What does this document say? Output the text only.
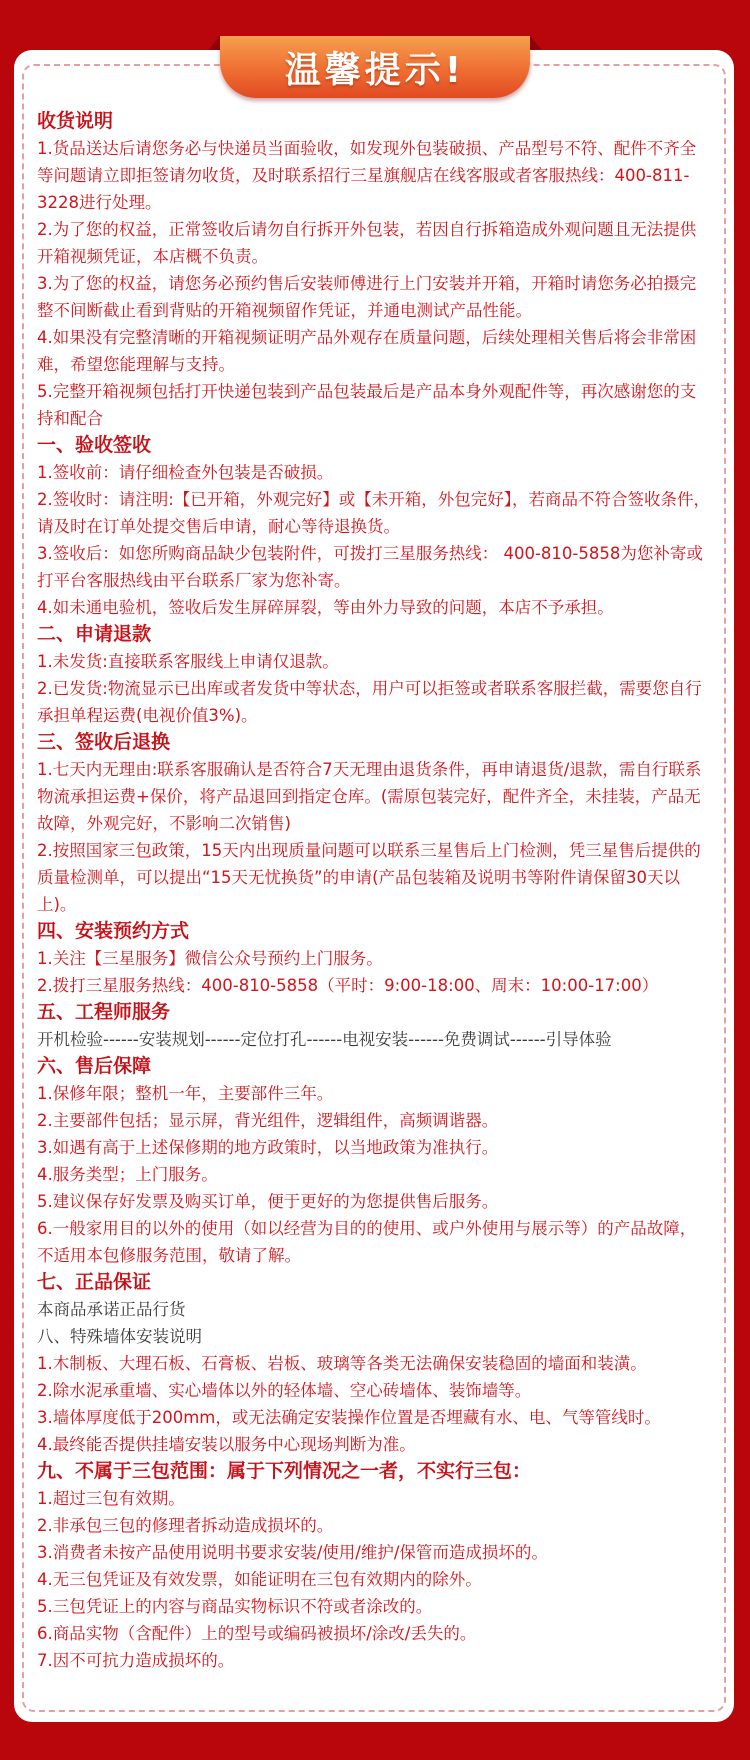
温馨提示!
收货说明
1.货品送达后请您务必与快递员当面验收，如发现外包装破损、产品型号不符、配件不齐全等问题请立即拒签请勿收货，及时联系招行三星旗舰店在线客服或者客服热线：400-811-3228进行处理。
2.为了您的权益，正常签收后请勿自行拆开外包装，若因自行拆箱造成外观问题且无法提供开箱视频凭证，本店概不负责。
3.为了您的权益，请您务必预约售后安装师傅进行上门安装并开箱，开箱时请您务必拍摄完整不间断截止看到背贴的开箱视频留作凭证，并通电测试产品性能。
4.如果没有完整清晰的开箱视频证明产品外观存在质量问题，后续处理相关售后将会非常困难，希望您能理解与支持。
5.完整开箱视频包括打开快递包装到产品包装最后是产品本身外观配件等，再次感谢您的支持和配合
一、验收签收
1.签收前：请仔细检查外包装是否破损。
2.签收时：请注明:【已开箱，外观完好】或【未开箱，外包完好】，若商品不符合签收条件，请及时在订单处提交售后申请，耐心等待退换货。
3.签收后：如您所购商品缺少包装附件，可拨打三星服务热线： 400-810-5858为您补寄或打平台客服热线由平台联系厂家为您补寄。
4.如未通电验机，签收后发生屏碎屏裂，等由外力导致的问题，本店不予承担。
二、申请退款
1.未发货:直接联系客服线上申请仅退款。
2.已发货:物流显示已出库或者发货中等状态，用户可以拒签或者联系客服拦截，需要您自行承担单程运费(电视价值3%)。
三、签收后退换
1.七天内无理由:联系客服确认是否符合7天无理由退货条件，再申请退货/退款，需自行联系物流承担运费+保价，将产品退回到指定仓库。(需原包装完好，配件齐全，未挂装，产品无故障，外观完好，不影响二次销售)
2.按照国家三包政策，15天内出现质量问题可以联系三星售后上门检测，凭三星售后提供的质量检测单，可以提出“15天无忧换货”的申请(产品包装箱及说明书等附件请保留30天以上)。
四、安装预约方式
1.关注【三星服务】微信公众号预约上门服务。
2.拨打三星服务热线：400-810-5858（平时：9:00-18:00、周末：10:00-17:00）
五、工程师服务
开机检验------安装规划------定位打孔------电视安装------免费调试------引导体验
六、售后保障
1.保修年限；整机一年，主要部件三年。
2.主要部件包括；显示屏，背光组件，逻辑组件，高频调谐器。
3.如遇有高于上述保修期的地方政策时，以当地政策为准执行。
4.服务类型；上门服务。
5.建议保存好发票及购买订单，便于更好的为您提供售后服务。
6.一般家用目的以外的使用（如以经营为目的的使用、或户外使用与展示等）的产品故障，不适用本包修服务范围，敬请了解。
七、正品保证
本商品承诺正品行货
八、特殊墙体安装说明
1.木制板、大理石板、石膏板、岩板、玻璃等各类无法确保安装稳固的墙面和装潢。
2.除水泥承重墙、实心墙体以外的轻体墙、空心砖墙体、装饰墙等。
3.墙体厚度低于200mm，或无法确定安装操作位置是否埋藏有水、电、气等管线时。
4.最终能否提供挂墙安装以服务中心现场判断为准。
九、不属于三包范围：属于下列情况之一者，不实行三包：
1.超过三包有效期。
2.非承包三包的修理者拆动造成损坏的。
3.消费者未按产品使用说明书要求安装/使用/维护/保管而造成损坏的。
4.无三包凭证及有效发票，如能证明在三包有效期内的除外。
5.三包凭证上的内容与商品实物标识不符或者涂改的。
6.商品实物（含配件）上的型号或编码被损坏/涂改/丢失的。
7.因不可抗力造成损坏的。
